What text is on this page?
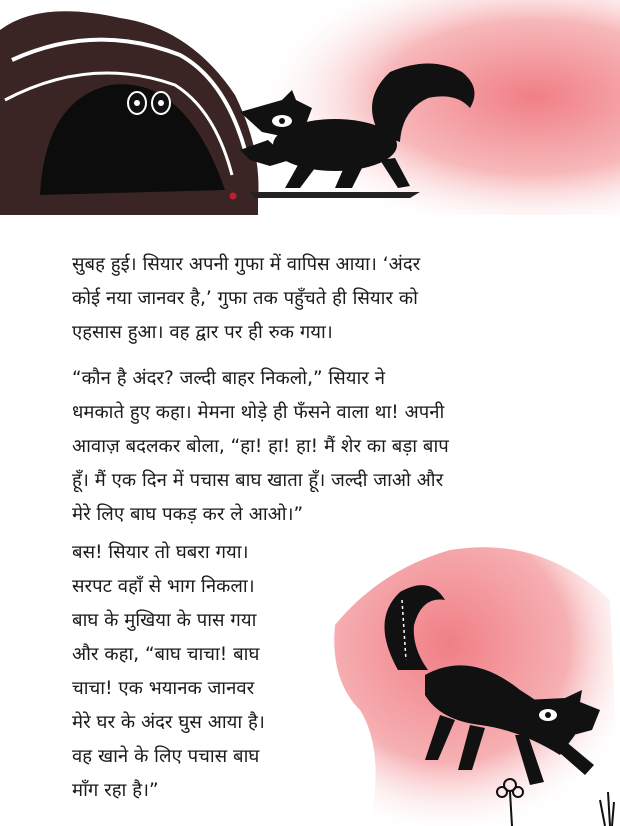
सुबह हुई। सियार अपनी गुफा में वापिस आया। ‘अंदर
कोई नया जानवर है,’ गुफा तक पहुँचते ही सियार को
एहसास हुआ। वह द्वार पर ही रुक गया।
“कौन है अंदर? जल्दी बाहर निकलो,” सियार ने
धमकाते हुए कहा। मेमना थोड़े ही फँसने वाला था! अपनी
आवाज़ बदलकर बोला, “हा! हा! हा! मैं शेर का बड़ा बाप
हूँ। मैं एक दिन में पचास बाघ खाता हूँ। जल्दी जाओ और
मेरे लिए बाघ पकड़ कर ले आओ।”
बस! सियार तो घबरा गया।
सरपट वहाँ से भाग निकला।
बाघ के मुखिया के पास गया
और कहा, “बाघ चाचा! बाघ
चाचा! एक भयानक जानवर
मेरे घर के अंदर घुस आया है।
वह खाने के लिए पचास बाघ
माँग रहा है।”
